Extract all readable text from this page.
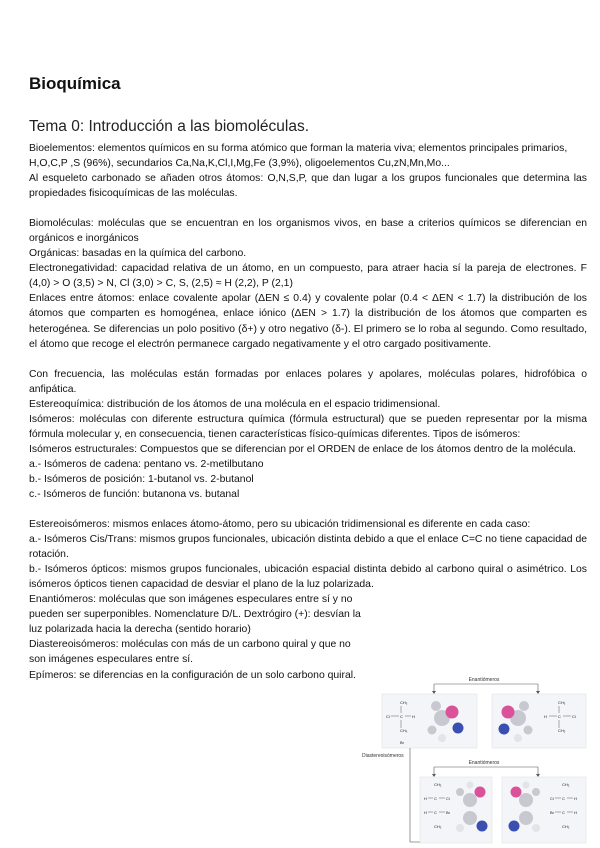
Bioquímica
Tema 0: Introducción a las biomoléculas.

Bioelementos: elementos químicos en su forma atómico que forman la materia viva; elementos principales primarios, H,O,C,P ,S (96%), secundarios Ca,Na,K,Cl,I,Mg,Fe (3,9%), oligoelementos Cu,zN,Mn,Mo...

Al esqueleto carbonado se añaden otros átomos: O,N,S,P, que dan lugar a los grupos funcionales que determina las propiedades fisicoquímicas de las moléculas.

Biomoléculas: moléculas que se encuentran en los organismos vivos, en base a criterios químicos se diferencian en orgánicos e inorgánicos

Orgánicas: basadas en la química del carbono.

Electronegatividad: capacidad relativa de un átomo, en un compuesto, para atraer hacia sí la pareja de electrones. F (4,0) > O (3,5) > N, Cl (3,0) > C, S, (2,5) ≈ H (2,2), P (2,1)

Enlaces entre átomos: enlace covalente apolar (ΔEN ≤ 0.4) y covalente polar (0.4 < ΔEN < 1.7) la distribución de los átomos que comparten es homogénea, enlace iónico (ΔEN > 1.7) la distribución de los átomos que comparten es heterogénea. Se diferencias un polo positivo (δ+) y otro negativo (δ-). El primero se lo roba al segundo. Como resultado, el átomo que recoge el electrón permanece cargado negativamente y el otro cargado positivamente.

Con frecuencia, las moléculas están formadas por enlaces polares y apolares, moléculas polares, hidrofóbica o anfipática.

Estereoquímica: distribución de los átomos de una molécula en el espacio tridimensional.

Isómeros: moléculas con diferente estructura química (fórmula estructural) que se pueden representar por la misma fórmula molecular y, en consecuencia, tienen características físico-químicas diferentes. Tipos de isómeros:

Isómeros estructurales: Compuestos que se diferencian por el ORDEN de enlace de los átomos dentro de la molécula.

a.- Isómeros de cadena: pentano vs. 2-metilbutano

b.- Isómeros de posición: 1-butanol vs. 2-butanol

c.- Isómeros de función: butanona vs. butanal

Estereoisómeros: mismos enlaces átomo-átomo, pero su ubicación tridimensional es diferente en cada caso:

a.- Isómeros Cis/Trans: mismos grupos funcionales, ubicación distinta debido a que el enlace C=C no tiene capacidad de rotación.

b.- Isómeros ópticos: mismos grupos funcionales, ubicación espacial distinta debido al carbono quiral o asimétrico. Los isómeros ópticos tienen capacidad de desviar el plano de la luz polarizada.

Enantiómeros: moléculas que son imágenes especulares entre sí y no pueden ser superponibles. Nomenclature D/L. Dextrógiro (+): desvían la luz polarizada hacia la derecha (sentido horario)

Diastereoisómeros: moléculas con más de un carbono quiral y que no son imágenes especulares entre sí.

Epímeros: se diferencias en la configuración de un solo carbono quiral.	Enantiómeros
CH₃
Cl	C H
CH₃
Br
CH₃
H	C	Cl
CH₃
Diastereoisómeros
Enantiómeros
CH₃
H C Cl
H C Br
CH₃
CH₃
Cl C H
Br C H
CH₃
